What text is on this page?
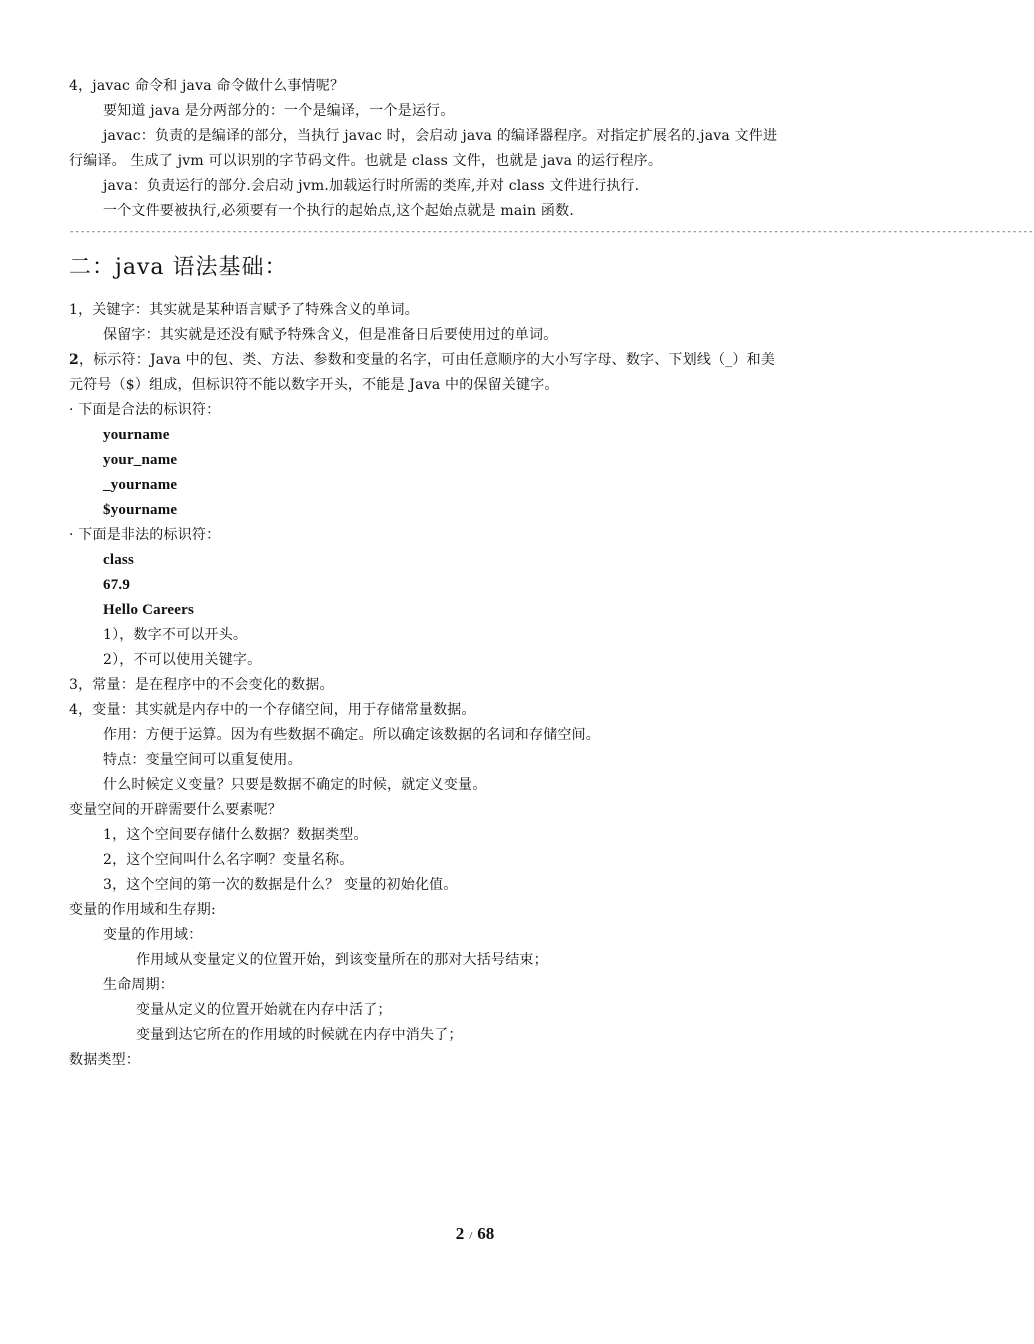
4，javac 命令和 java 命令做什么事情呢？
要知道 java 是分两部分的：一个是编译，一个是运行。
javac：负责的是编译的部分，当执行 javac 时，会启动 java 的编译器程序。对指定扩展名的.java 文件进
行编译。 生成了 jvm 可以识别的字节码文件。也就是 class 文件，也就是 java 的运行程序。
java：负责运行的部分.会启动 jvm.加载运行时所需的类库,并对 class 文件进行执行.
一个文件要被执行,必须要有一个执行的起始点,这个起始点就是 main 函数.
----------------------------------------------------------------------------------------------------------------------------------------------------------------------------------
二：java 语法基础：
1，关键字：其实就是某种语言赋予了特殊含义的单词。
保留字：其实就是还没有赋予特殊含义，但是准备日后要使用过的单词。
2，标示符：Java 中的包、类、方法、参数和变量的名字，可由任意顺序的大小写字母、数字、下划线（_）和美
元符号（$）组成，但标识符不能以数字开头，不能是 Java 中的保留关键字。
· 下面是合法的标识符：
yourname
your_name
_yourname
$yourname
· 下面是非法的标识符：
class
67.9
Hello Careers
1），数字不可以开头。
2），不可以使用关键字。
3，常量：是在程序中的不会变化的数据。
4，变量：其实就是内存中的一个存储空间，用于存储常量数据。
作用：方便于运算。因为有些数据不确定。所以确定该数据的名词和存储空间。
特点：变量空间可以重复使用。
什么时候定义变量？只要是数据不确定的时候，就定义变量。
变量空间的开辟需要什么要素呢？
1，这个空间要存储什么数据？数据类型。
2，这个空间叫什么名字啊？变量名称。
3，这个空间的第一次的数据是什么？ 变量的初始化值。
变量的作用域和生存期:
变量的作用域：
作用域从变量定义的位置开始，到该变量所在的那对大括号结束；
生命周期：
变量从定义的位置开始就在内存中活了；
变量到达它所在的作用域的时候就在内存中消失了；
数据类型：
2 / 68
